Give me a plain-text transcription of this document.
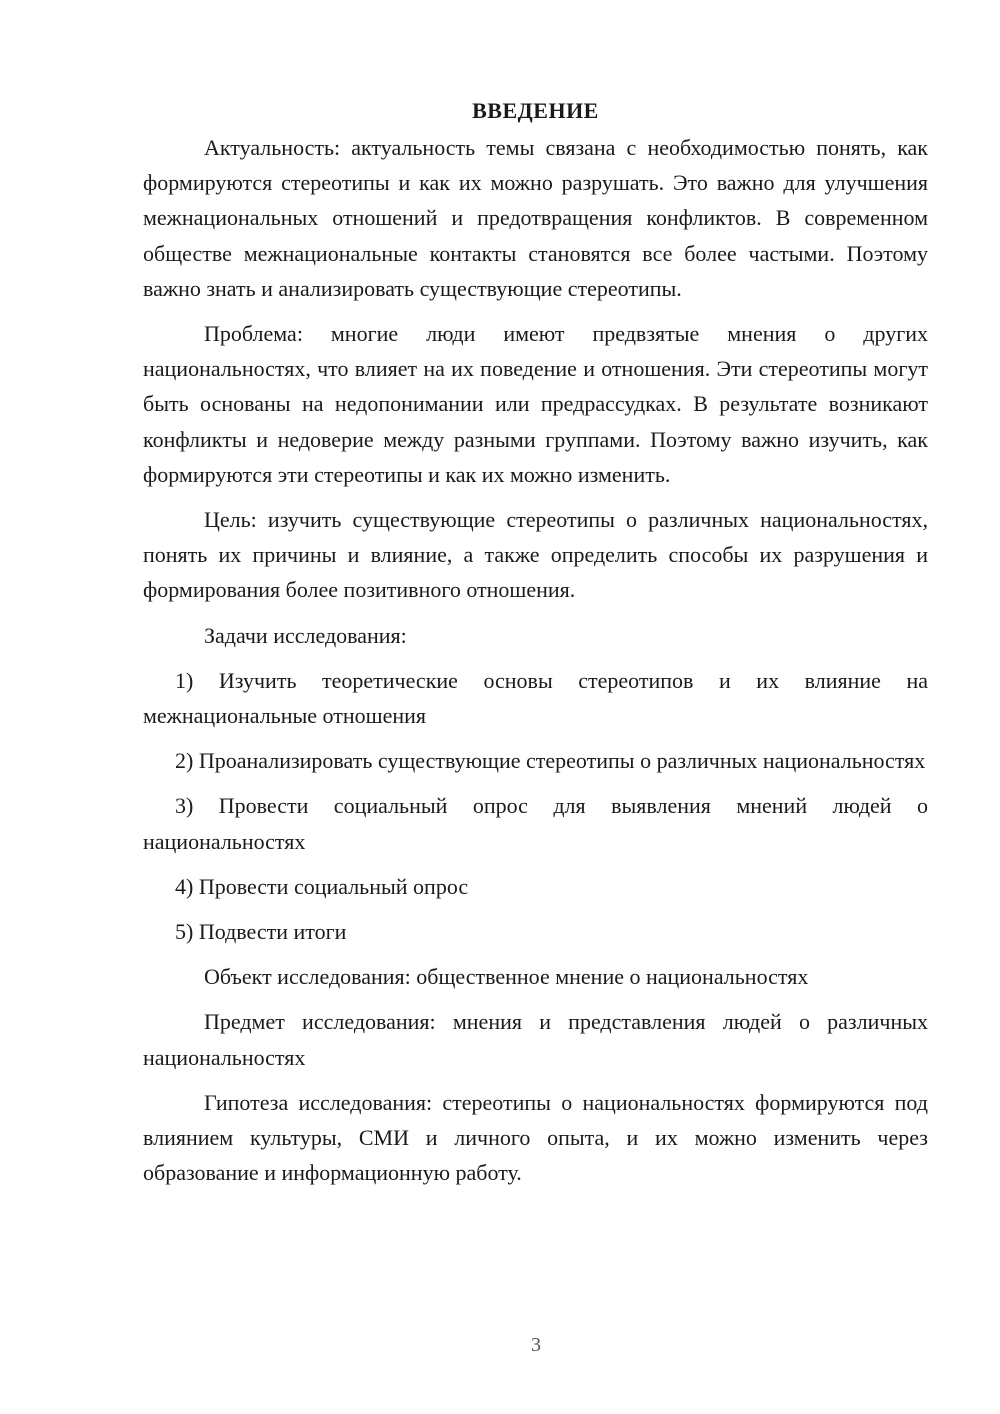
ВВЕДЕНИЕ

Актуальность: актуальность темы связана с необходимостью понять, как формируются стереотипы и как их можно разрушать. Это важно для улучшения межнациональных отношений и предотвращения конфликтов. В современном обществе межнациональные контакты становятся все более частыми. Поэтому важно знать и анализировать существующие стереотипы.

Проблема: многие люди имеют предвзятые мнения о других национальностях, что влияет на их поведение и отношения. Эти стереотипы могут быть основаны на недопонимании или предрассудках. В результате возникают конфликты и недоверие между разными группами. Поэтому важно изучить, как формируются эти стереотипы и как их можно изменить.

Цель: изучить существующие стереотипы о различных национальностях, понять их причины и влияние, а также определить способы их разрушения и формирования более позитивного отношения.

Задачи исследования:

1) Изучить теоретические основы стереотипов и их влияние на межнациональные отношения

2) Проанализировать существующие стереотипы о различных национальностях

3) Провести социальный опрос для выявления мнений людей о национальностях

4) Провести социальный опрос

5) Подвести итоги

Объект исследования: общественное мнение о национальностях

Предмет исследования: мнения и представления людей о различных национальностях

Гипотеза исследования: стереотипы о национальностях формируются под влиянием культуры, СМИ и личного опыта, и их можно изменить через образование и информационную работу.

3
